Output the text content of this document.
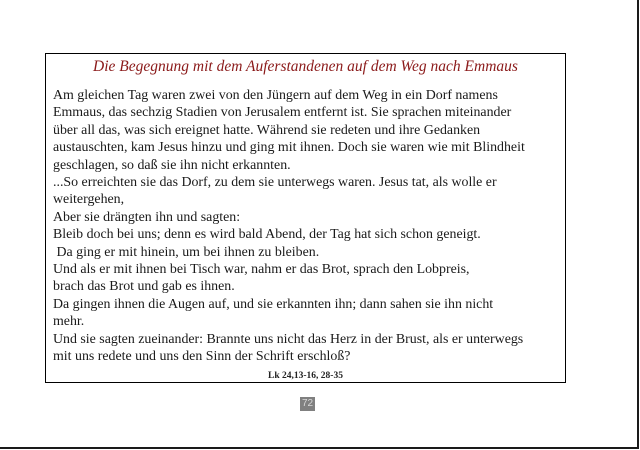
Die Begegnung mit dem Auferstandenen auf dem Weg nach Emmaus
Am gleichen Tag waren zwei von den Jüngern auf dem Weg in ein Dorf namens
Emmaus, das sechzig Stadien von Jerusalem entfernt ist. Sie sprachen miteinander
über all das, was sich ereignet hatte. Während sie redeten und ihre Gedanken
austauschten, kam Jesus hinzu und ging mit ihnen. Doch sie waren wie mit Blindheit
geschlagen, so daß sie ihn nicht erkannten.
...So erreichten sie das Dorf, zu dem sie unterwegs waren. Jesus tat, als wolle er
weitergehen,
Aber sie drängten ihn und sagten:
Bleib doch bei uns; denn es wird bald Abend, der Tag hat sich schon geneigt.
Da ging er mit hinein, um bei ihnen zu bleiben.
Und als er mit ihnen bei Tisch war, nahm er das Brot, sprach den Lobpreis,
brach das Brot und gab es ihnen.
Da gingen ihnen die Augen auf, und sie erkannten ihn; dann sahen sie ihn nicht
mehr.
Und sie sagten zueinander: Brannte uns nicht das Herz in der Brust, als er unterwegs
mit uns redete und uns den Sinn der Schrift erschloß?
Lk 24,13-16, 28-35
72
